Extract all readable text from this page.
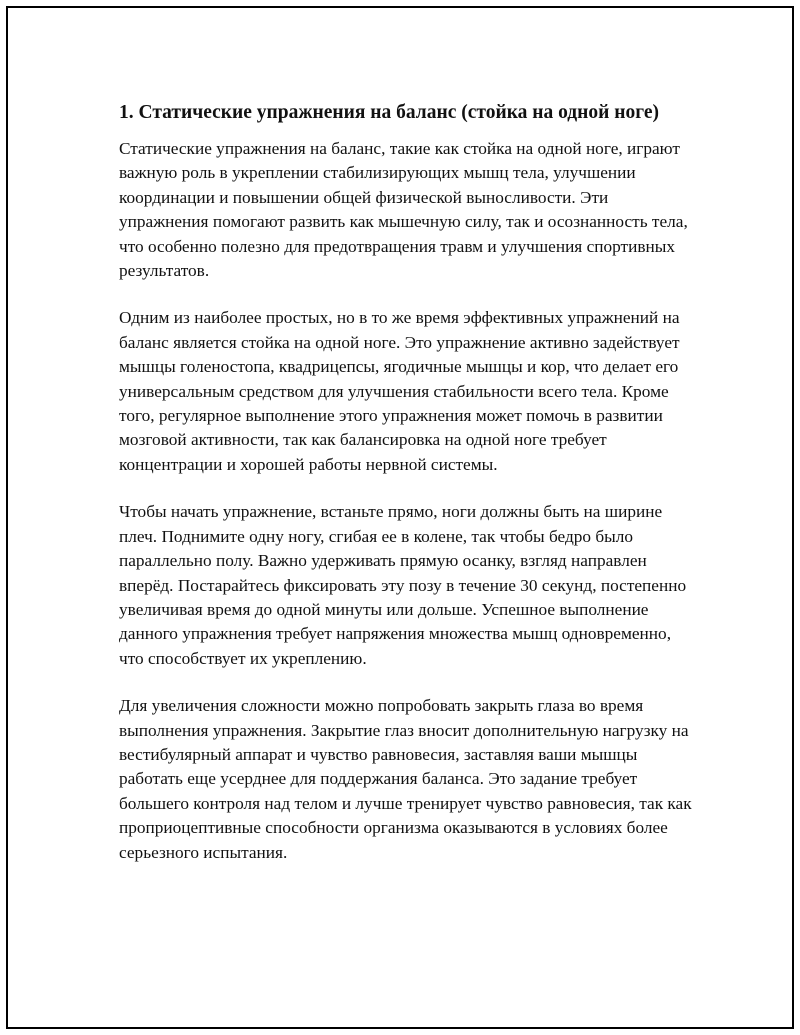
1. Статические упражнения на баланс (стойка на одной ноге)

Статические упражнения на баланс, такие как стойка на одной ноге, играют важную роль в укреплении стабилизирующих мышц тела, улучшении координации и повышении общей физической выносливости. Эти упражнения помогают развить как мышечную силу, так и осознанность тела, что особенно полезно для предотвращения травм и улучшения спортивных результатов.

Одним из наиболее простых, но в то же время эффективных упражнений на баланс является стойка на одной ноге. Это упражнение активно задействует мышцы голеностопа, квадрицепсы, ягодичные мышцы и кор, что делает его универсальным средством для улучшения стабильности всего тела. Кроме того, регулярное выполнение этого упражнения может помочь в развитии мозговой активности, так как балансировка на одной ноге требует концентрации и хорошей работы нервной системы.

Чтобы начать упражнение, встаньте прямо, ноги должны быть на ширине плеч. Поднимите одну ногу, сгибая ее в колене, так чтобы бедро было параллельно полу. Важно удерживать прямую осанку, взгляд направлен вперёд. Постарайтесь фиксировать эту позу в течение 30 секунд, постепенно увеличивая время до одной минуты или дольше. Успешное выполнение данного упражнения требует напряжения множества мышц одновременно, что способствует их укреплению.

Для увеличения сложности можно попробовать закрыть глаза во время выполнения упражнения. Закрытие глаз вносит дополнительную нагрузку на вестибулярный аппарат и чувство равновесия, заставляя ваши мышцы работать еще усерднее для поддержания баланса. Это задание требует большего контроля над телом и лучше тренирует чувство равновесия, так как проприоцептивные способности организма оказываются в условиях более серьезного испытания.
